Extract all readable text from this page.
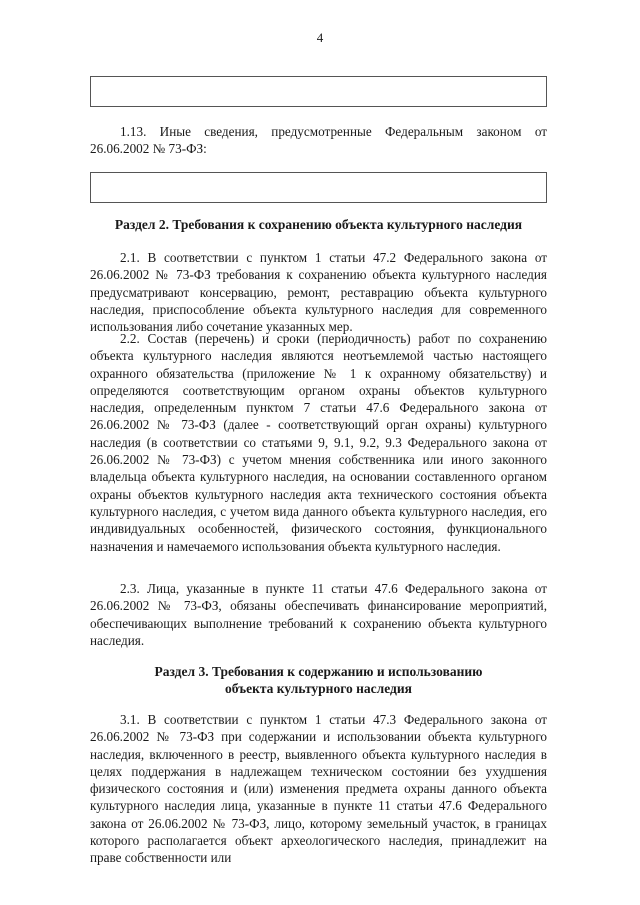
4

1.13. Иные сведения, предусмотренные Федеральным законом от 26.06.2002 № 73-ФЗ:

Раздел 2. Требования к сохранению объекта культурного наследия

2.1. В соответствии с пунктом 1 статьи 47.2 Федерального закона от 26.06.2002 № 73-ФЗ требования к сохранению объекта культурного наследия предусматривают консервацию, ремонт, реставрацию объекта культурного наследия, приспособление объекта культурного наследия для современного использования либо сочетание указанных мер.

2.2. Состав (перечень) и сроки (периодичность) работ по сохранению объекта культурного наследия являются неотъемлемой частью настоящего охранного обязательства (приложение № 1 к охранному обязательству) и определяются соответствующим органом охраны объектов культурного наследия, определенным пунктом 7 статьи 47.6 Федерального закона от 26.06.2002 № 73-ФЗ (далее - соответствующий орган охраны) культурного наследия (в соответствии со статьями 9, 9.1, 9.2, 9.3 Федерального закона от 26.06.2002 № 73-ФЗ) с учетом мнения собственника или иного законного владельца объекта культурного наследия, на основании составленного органом охраны объектов культурного наследия акта технического состояния объекта культурного наследия, с учетом вида данного объекта культурного наследия, его индивидуальных особенностей, физического состояния, функционального назначения и намечаемого использования объекта культурного наследия.

2.3. Лица, указанные в пункте 11 статьи 47.6 Федерального закона от 26.06.2002 № 73-ФЗ, обязаны обеспечивать финансирование мероприятий, обеспечивающих выполнение требований к сохранению объекта культурного наследия.

Раздел 3. Требования к содержанию и использованию
объекта культурного наследия

3.1. В соответствии с пунктом 1 статьи 47.3 Федерального закона от 26.06.2002 № 73-ФЗ при содержании и использовании объекта культурного наследия, включенного в реестр, выявленного объекта культурного наследия в целях поддержания в надлежащем техническом состоянии без ухудшения физического состояния и (или) изменения предмета охраны данного объекта культурного наследия лица, указанные в пункте 11 статьи 47.6 Федерального закона от 26.06.2002 № 73-ФЗ, лицо, которому земельный участок, в границах которого располагается объект археологического наследия, принадлежит на праве собственности или
